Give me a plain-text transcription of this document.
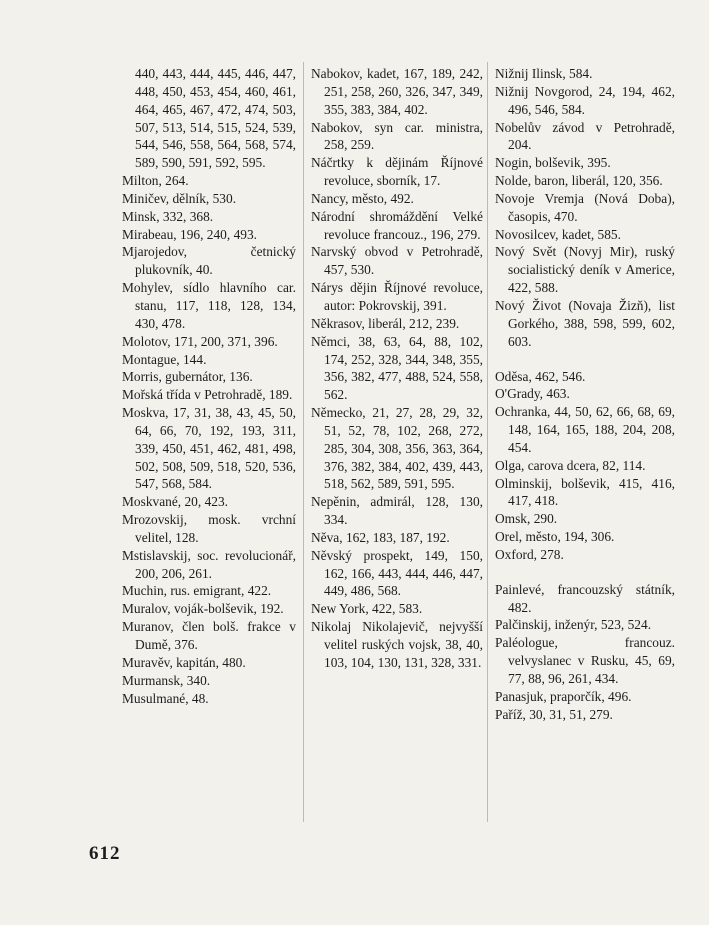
440, 443, 444, 445, 446, 447, 448, 450, 453, 454, 460, 461, 464, 465, 467, 472, 474, 503, 507, 513, 514, 515, 524, 539, 544, 546, 558, 564, 568, 574, 589, 590, 591, 592, 595.
Milton, 264.
Miničev, dělník, 530.
Minsk, 332, 368.
Mirabeau, 196, 240, 493.
Mjarojedov, četnický plukovník, 40.
Mohylev, sídlo hlavního car. stanu, 117, 118, 128, 134, 430, 478.
Molotov, 171, 200, 371, 396.
Montague, 144.
Morris, gubernátor, 136.
Mořská třída v Petrohradě, 189.
Moskva, 17, 31, 38, 43, 45, 50, 64, 66, 70, 192, 193, 311, 339, 450, 451, 462, 481, 498, 502, 508, 509, 518, 520, 536, 547, 568, 584.
Moskvané, 20, 423.
Mrozovskij, mosk. vrchní velitel, 128.
Mstislavskij, soc. revolucionář, 200, 206, 261.
Muchin, rus. emigrant, 422.
Muralov, voják-bolševik, 192.
Muranov, člen bolš. frakce v Dumě, 376.
Muravěv, kapitán, 480.
Murmansk, 340.
Musulmané, 48.
Nabokov, kadet, 167, 189, 242, 251, 258, 260, 326, 347, 349, 355, 383, 384, 402.
Nabokov, syn car. ministra, 258, 259.
Náčrtky k dějinám Říjnové revoluce, sborník, 17.
Nancy, město, 492.
Národní shromáždění Velké revoluce francouz., 196, 279.
Narvský obvod v Petrohradě, 457, 530.
Nárys dějin Říjnové revoluce, autor: Pokrovskij, 391.
Někrasov, liberál, 212, 239.
Němci, 38, 63, 64, 88, 102, 174, 252, 328, 344, 348, 355, 356, 382, 477, 488, 524, 558, 562.
Německo, 21, 27, 28, 29, 32, 51, 52, 78, 102, 268, 272, 285, 304, 308, 356, 363, 364, 376, 382, 384, 402, 439, 443, 518, 562, 589, 591, 595.
Nepěnin, admirál, 128, 130, 334.
Něva, 162, 183, 187, 192.
Něvský prospekt, 149, 150, 162, 166, 443, 444, 446, 447, 449, 486, 568.
New York, 422, 583.
Nikolaj Nikolajevič, nejvyšší velitel ruských vojsk, 38, 40, 103, 104, 130, 131, 328, 331.
Nižnij Ilinsk, 584.
Nižnij Novgorod, 24, 194, 462, 496, 546, 584.
Nobelův závod v Petrohradě, 204.
Nogin, bolševik, 395.
Nolde, baron, liberál, 120, 356.
Novoje Vremja (Nová Doba), časopis, 470.
Novosilcev, kadet, 585.
Nový Svět (Novyj Mir), ruský socialistický deník v Americe, 422, 588.
Nový Život (Novaja Žizň), list Gorkého, 388, 598, 599, 602, 603.
Oděsa, 462, 546.
O'Grady, 463.
Ochranka, 44, 50, 62, 66, 68, 69, 148, 164, 165, 188, 204, 208, 454.
Olga, carova dcera, 82, 114.
Olminskij, bolševik, 415, 416, 417, 418.
Omsk, 290.
Orel, město, 194, 306.
Oxford, 278.
Painlevé, francouzský státník, 482.
Palčinskij, inženýr, 523, 524.
Paléologue, francouz. velvyslanec v Rusku, 45, 69, 77, 88, 96, 261, 434.
Panasjuk, praporčík, 496.
Paříž, 30, 31, 51, 279.
612
